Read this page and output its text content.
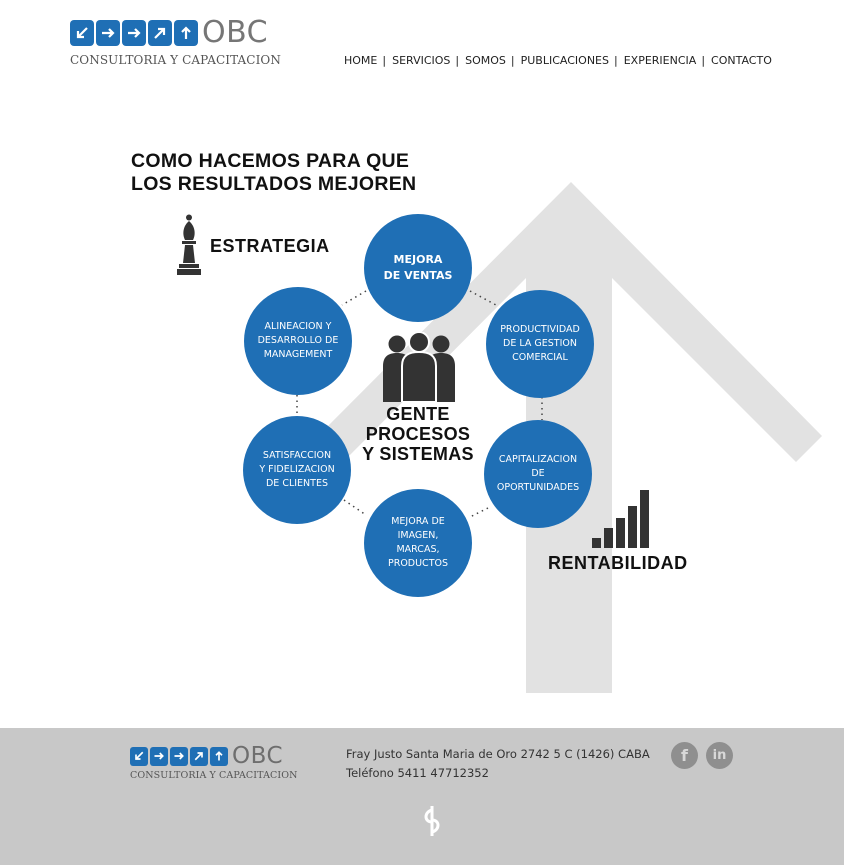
OBC
CONSULTORIA Y CAPACITACION	HOME | SERVICIOS | SOMOS | PUBLICACIONES | EXPERIENCIA | CONTACTO
COMO HACEMOS PARA QUE
LOS RESULTADOS MEJOREN
ESTRATEGIA
MEJORA
DE VENTAS
PRODUCTIVIDAD
DE LA GESTION
COMERCIAL
CAPITALIZACION
DE
OPORTUNIDADES
MEJORA DE
IMAGEN,
MARCAS,
PRODUCTOS
SATISFACCION
Y FIDELIZACION
DE CLIENTES
ALINEACION Y
DESARROLLO DE
MANAGEMENT
GENTE
PROCESOS
Y SISTEMAS
RENTABILIDAD
OBC
CONSULTORIA Y CAPACITACION
Fray Justo Santa Maria de Oro 2742 5 C (1426) CABA
Teléfono 5411 47712352
f in
